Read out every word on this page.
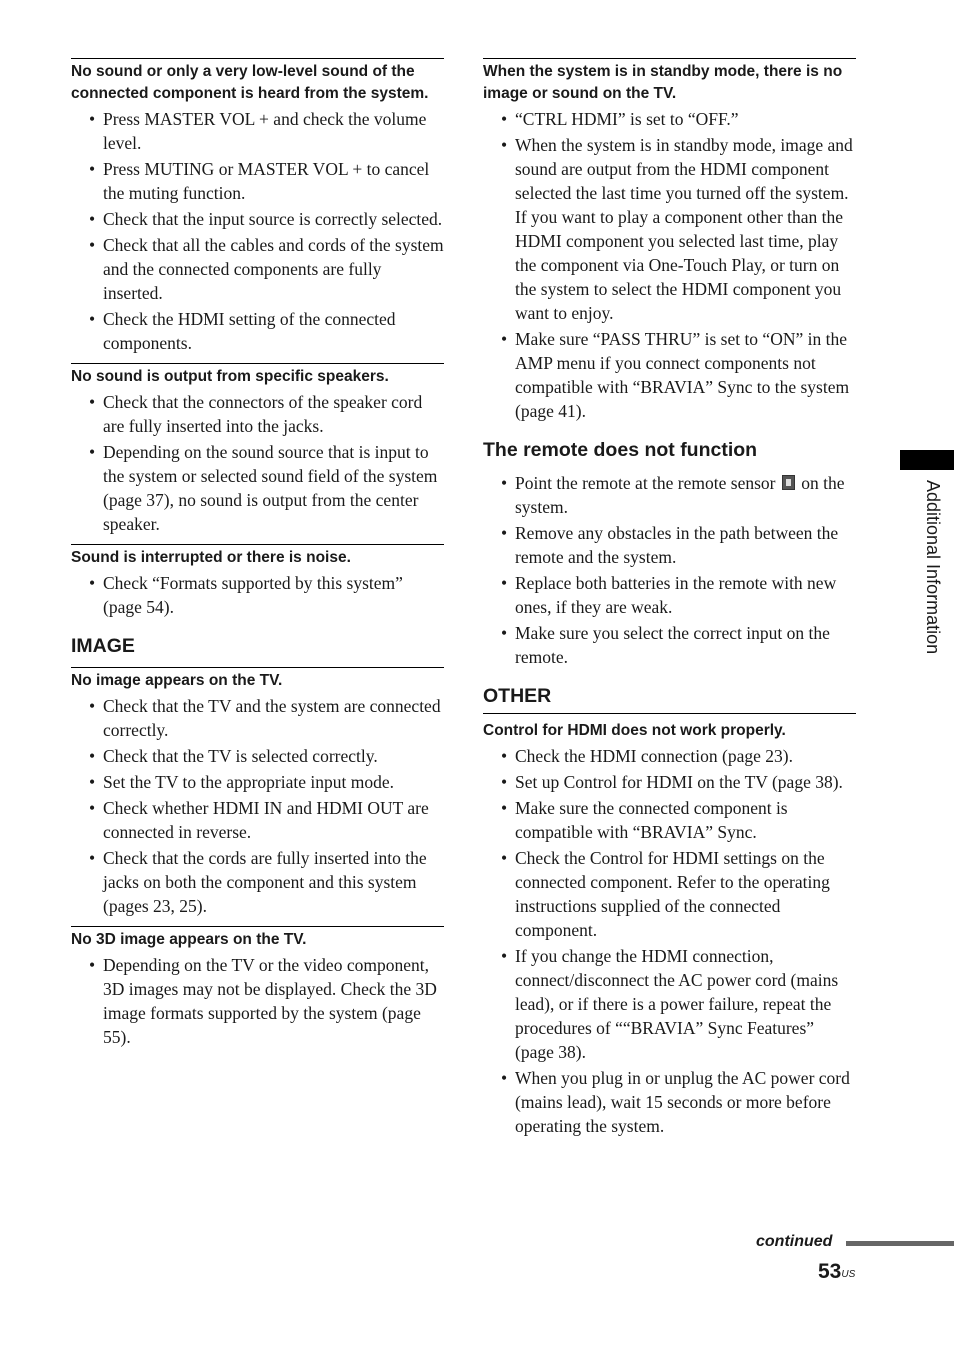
No sound or only a very low-level sound of the connected component is heard from the system.

• Press MASTER VOL + and check the volume level.
• Press MUTING or MASTER VOL + to cancel the muting function.
• Check that the input source is correctly selected.
• Check that all the cables and cords of the system and the connected components are fully inserted.
• Check the HDMI setting of the connected components.

No sound is output from specific speakers.

• Check that the connectors of the speaker cord are fully inserted into the jacks.
• Depending on the sound source that is input to the system or selected sound field of the system (page 37), no sound is output from the center speaker.

Sound is interrupted or there is noise.

• Check “Formats supported by this system” (page 54).
IMAGE

No image appears on the TV.

• Check that the TV and the system are connected correctly.
• Check that the TV is selected correctly.
• Set the TV to the appropriate input mode.
• Check whether HDMI IN and HDMI OUT are connected in reverse.
• Check that the cords are fully inserted into the jacks on both the component and this system (pages 23, 25).

No 3D image appears on the TV.

• Depending on the TV or the video component, 3D images may not be displayed. Check the 3D image formats supported by the system (page 55).

When the system is in standby mode, there is no image or sound on the TV.

• “CTRL HDMI” is set to “OFF.”
• When the system is in standby mode, image and sound are output from the HDMI component selected the last time you turned off the system. If you want to play a component other than the HDMI component you selected last time, play the component via One-Touch Play, or turn on the system to select the HDMI component you want to enjoy.
• Make sure “PASS THRU” is set to “ON” in the AMP menu if you connect components not compatible with “BRAVIA” Sync to the system (page 41).
The remote does not function
• Point the remote at the remote sensor on the system.
• Remove any obstacles in the path between the remote and the system.
• Replace both batteries in the remote with new ones, if they are weak.
• Make sure you select the correct input on the remote.
OTHER

Control for HDMI does not work properly.

• Check the HDMI connection (page 23).
• Set up Control for HDMI on the TV (page 38).
• Make sure the connected component is compatible with “BRAVIA” Sync.
• Check the Control for HDMI settings on the connected component. Refer to the operating instructions supplied of the connected component.
• If you change the HDMI connection, connect/disconnect the AC power cord (mains lead), or if there is a power failure, repeat the procedures of ““BRAVIA” Sync Features” (page 38).
• When you plug in or unplug the AC power cord (mains lead), wait 15 seconds or more before operating the system.
Additional Information
continued
$53^{US}$
